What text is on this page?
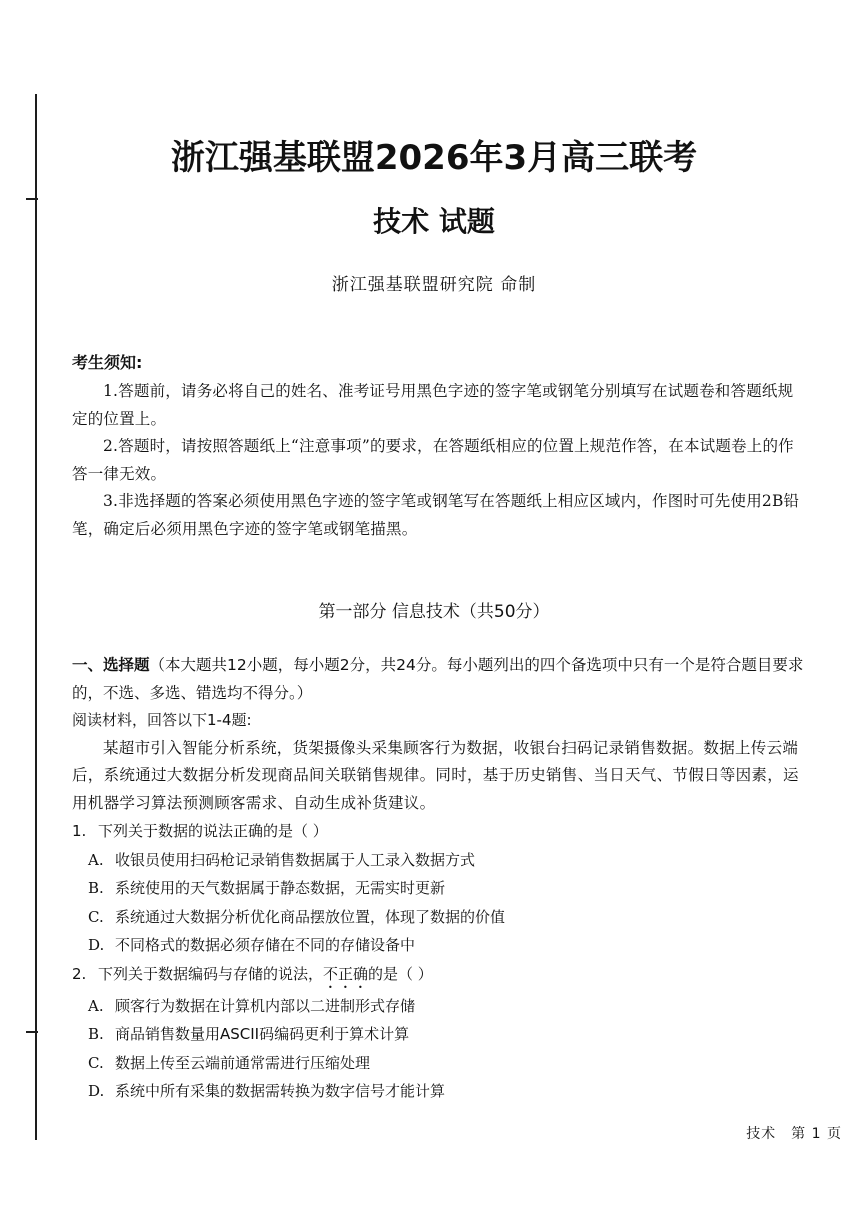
浙江强基联盟2026年3月高三联考
技术 试题
浙江强基联盟研究院 命制
考生须知:

1.答题前，请务必将自己的姓名、准考证号用黑色字迹的签字笔或钢笔分别填写在试题卷和答题纸规定的位置上。

2.答题时，请按照答题纸上“注意事项”的要求，在答题纸相应的位置上规范作答，在本试题卷上的作答一律无效。

3.非选择题的答案必须使用黑色字迹的签字笔或钢笔写在答题纸上相应区域内，作图时可先使用2B铅笔，确定后必须用黑色字迹的签字笔或钢笔描黑。

第一部分 信息技术（共50分）
一、选择题（本大题共12小题，每小题2分，共24分。每小题列出的四个备选项中只有一个是符合题目要求的，不选、多选、错选均不得分。）
阅读材料，回答以下1-4题:
某超市引入智能分析系统，货架摄像头采集顾客行为数据，收银台扫码记录销售数据。数据上传云端后，系统通过大数据分析发现商品间关联销售规律。同时，基于历史销售、当日天气、节假日等因素，运用机器学习算法预测顾客需求、自动生成补货建议。
1. 下列关于数据的说法正确的是（ ）
A. 收银员使用扫码枪记录销售数据属于人工录入数据方式
B. 系统使用的天气数据属于静态数据，无需实时更新
C. 系统通过大数据分析优化商品摆放位置，体现了数据的价值
D. 不同格式的数据必须存储在不同的存储设备中
2. 下列关于数据编码与存储的说法，不正确的是（ ）
A. 顾客行为数据在计算机内部以二进制形式存储
B. 商品销售数量用ASCII码编码更利于算术计算
C. 数据上传至云端前通常需进行压缩处理
D. 系统中所有采集的数据需转换为数字信号才能计算
技术　第 1 页
